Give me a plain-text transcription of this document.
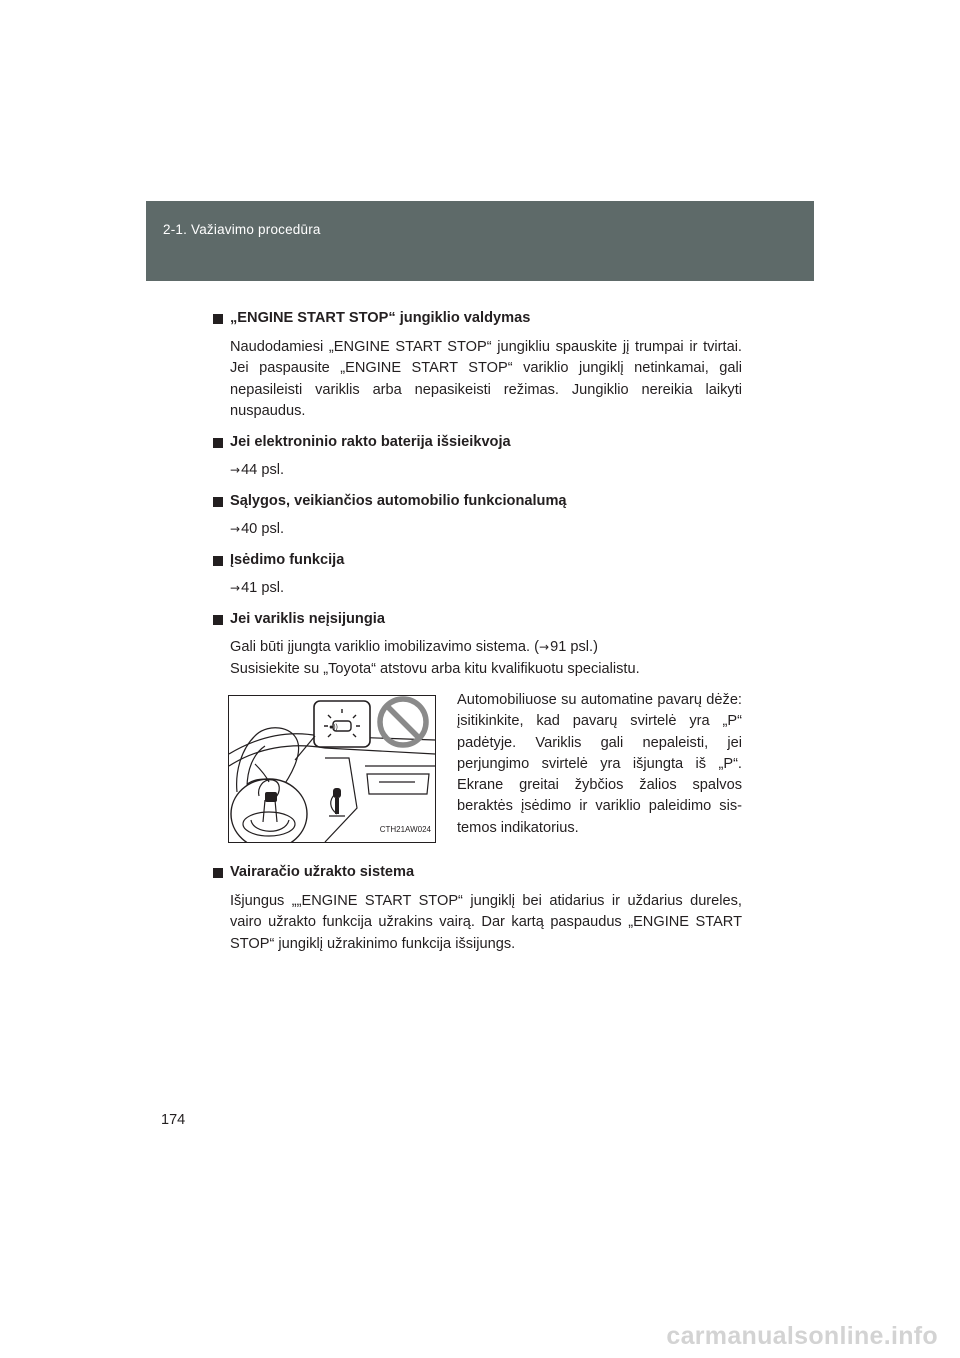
2-1. Važiavimo procedūra
„ENGINE START STOP“ jungiklio valdymas
Naudodamiesi „ENGINE START STOP“ jungikliu spauskite jį trumpai ir tvirtai. Jei paspausite „ENGINE START STOP“ variklio jungiklį netinkamai, gali nepasileisti variklis arba nepasikeisti režimas. Jungiklio nereikia laikyti nuspaudus.
Jei elektroninio rakto baterija išsieikvoja
→44 psl.
Sąlygos, veikiančios automobilio funkcionalumą
→40 psl.
Įsėdimo funkcija
→41 psl.
Jei variklis neįsijungia
Gali būti įjungta variklio imobilizavimo sistema. (→91 psl.)
Susisiekite su „Toyota“ atstovu arba kitu kvalifikuotu specialistu.
●))
CTH21AW024
Automobiliuose su automatine pavarų dėže: įsitikinkite, kad pavarų svirtelė yra „P“ padėtyje. Variklis gali nepaleisti, jei perjungimo svirtelė yra išjungta iš „P“. Ekrane greitai žybčios žalios spalvos beraktės įsėdimo ir variklio paleidimo sistemos indikatorius.
Vairaračio užrakto sistema
Išjungus „„ENGINE START STOP“ jungiklį bei atidarius ir uždarius dureles, vairo užrakto funkcija užrakins vairą. Dar kartą paspaudus „ENGINE START STOP“ jungiklį užrakinimo funkcija išsijungs.
174
carmanualsonline.info
